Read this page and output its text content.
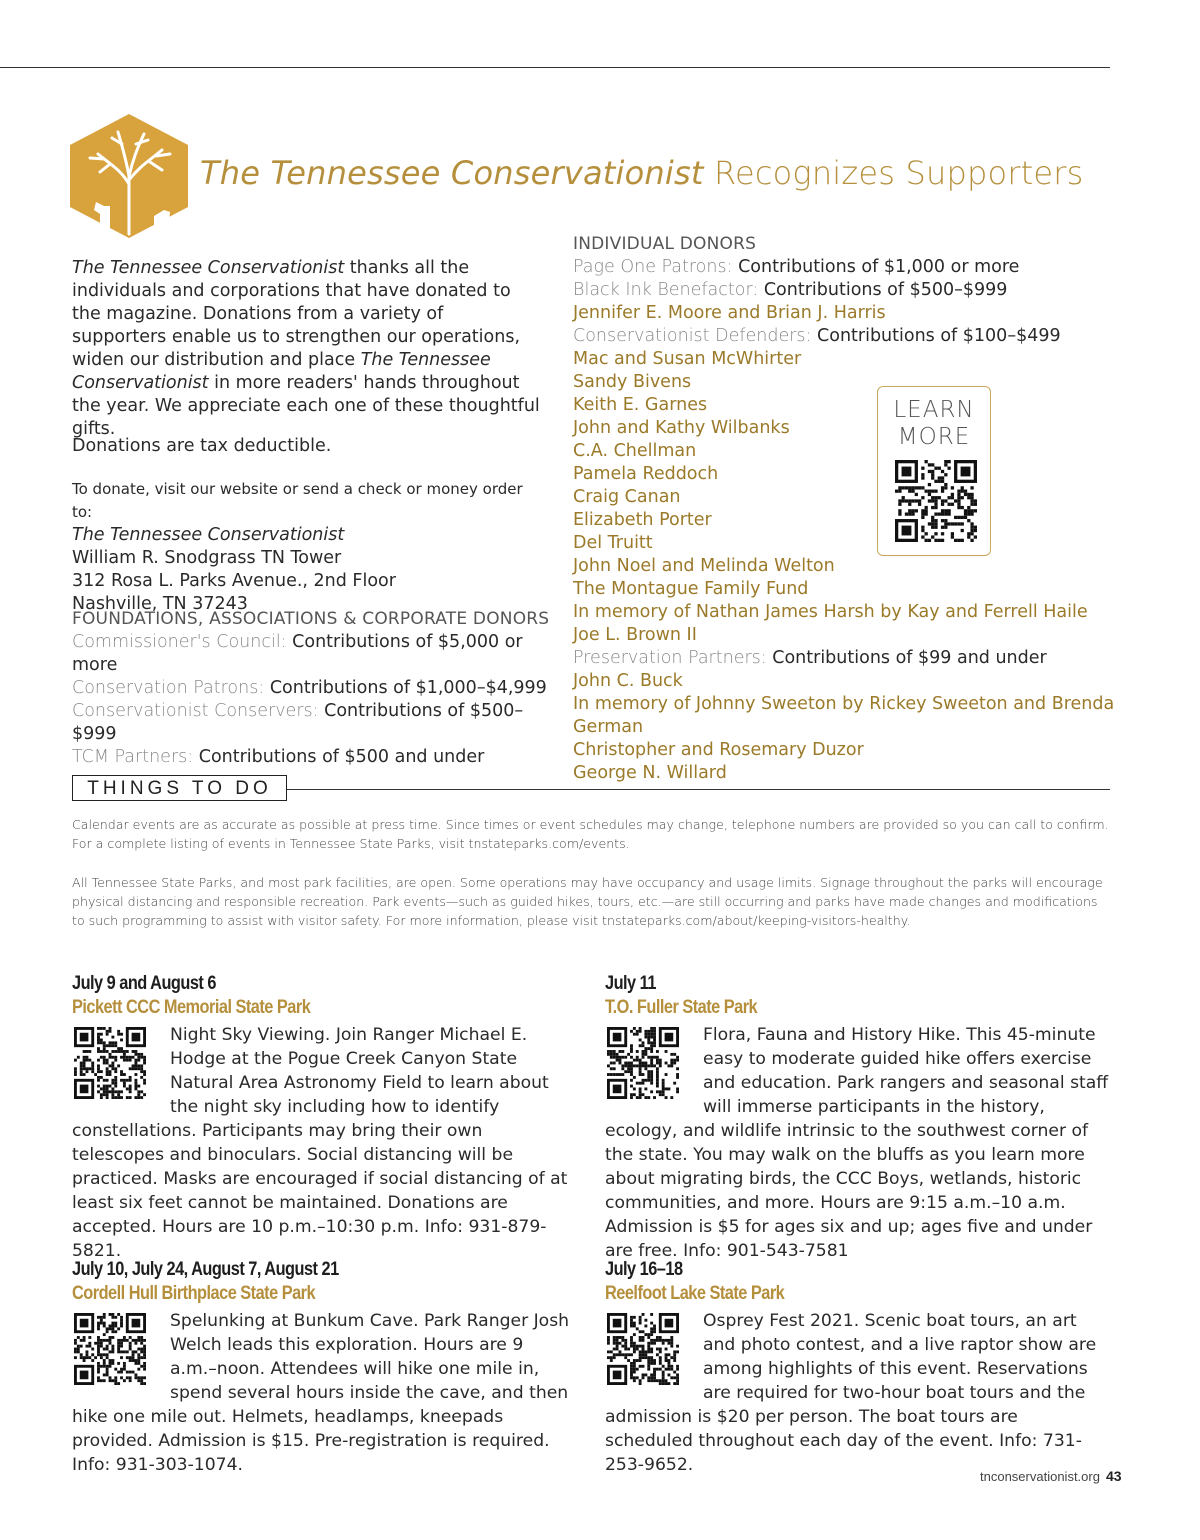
The Tennessee Conservationist Recognizes Supporters

The Tennessee Conservationist thanks all the individuals and corporations that have donated to the magazine. Donations from a variety of supporters enable us to strengthen our operations, widen our distribution and place The Tennessee Conservationist in more readers' hands throughout the year. We appreciate each one of these thoughtful gifts.

Donations are tax deductible.

To donate, visit our website or send a check or money order to:

The Tennessee Conservationist

William R. Snodgrass TN Tower

312 Rosa L. Parks Avenue., 2nd Floor

Nashville, TN 37243

FOUNDATIONS, ASSOCIATIONS & CORPORATE DONORS

Commissioner's Council: Contributions of $5,000 or more

Conservation Patrons: Contributions of $1,000–$4,999

Conservationist Conservers: Contributions of $500–$999

TCM Partners: Contributions of $500 and under

INDIVIDUAL DONORS

Page One Patrons: Contributions of $1,000 or more

Black Ink Benefactor: Contributions of $500–$999

Jennifer E. Moore and Brian J. Harris

Conservationist Defenders: Contributions of $100–$499

Mac and Susan McWhirter

Sandy Bivens

Keith E. Garnes

John and Kathy Wilbanks

C.A. Chellman

Pamela Reddoch

Craig Canan

Elizabeth Porter

Del Truitt

John Noel and Melinda Welton

The Montague Family Fund

In memory of Nathan James Harsh by Kay and Ferrell Haile

Joe L. Brown II

Preservation Partners: Contributions of $99 and under

John C. Buck

In memory of Johnny Sweeton by Rickey Sweeton and Brenda German

Christopher and Rosemary Duzor

George N. Willard

LEARN
MORE
THINGS TO DO
Calendar events are as accurate as possible at press time. Since times or event schedules may change, telephone numbers are provided so you can call to confirm.
For a complete listing of events in Tennessee State Parks, visit tnstateparks.com/events.
All Tennessee State Parks, and most park facilities, are open. Some operations may have occupancy and usage limits. Signage throughout the parks will encourage physical distancing and responsible recreation. Park events—such as guided hikes, tours, etc.—are still occurring and parks have made changes and modifications to such programming to assist with visitor safety. For more information, please visit tnstateparks.com/about/keeping-visitors-healthy.
July 9 and August 6
Pickett CCC Memorial State Park
Night Sky Viewing. Join Ranger Michael E. Hodge at the Pogue Creek Canyon State Natural Area Astronomy Field to learn about the night sky including how to identify constellations. Participants may bring their own telescopes and binoculars. Social distancing will be practiced. Masks are encouraged if social distancing of at least six feet cannot be maintained. Donations are accepted. Hours are 10 p.m.–10:30 p.m. Info: 931-879-5821.
July 11
T.O. Fuller State Park
Flora, Fauna and History Hike. This 45-minute easy to moderate guided hike offers exercise and education. Park rangers and seasonal staff will immerse participants in the history, ecology, and wildlife intrinsic to the southwest corner of the state. You may walk on the bluffs as you learn more about migrating birds, the CCC Boys, wetlands, historic communities, and more. Hours are 9:15 a.m.–10 a.m. Admission is $5 for ages six and up; ages five and under are free. Info: 901-543-7581
July 10, July 24, August 7, August 21
Cordell Hull Birthplace State Park
Spelunking at Bunkum Cave. Park Ranger Josh Welch leads this exploration. Hours are 9 a.m.–noon. Attendees will hike one mile in, spend several hours inside the cave, and then hike one mile out. Helmets, headlamps, kneepads provided. Admission is $15. Pre-registration is required. Info: 931-303-1074.
July 16–18
Reelfoot Lake State Park
Osprey Fest 2021. Scenic boat tours, an art and photo contest, and a live raptor show are among highlights of this event. Reservations are required for two-hour boat tours and the admission is $20 per person. The boat tours are scheduled throughout each day of the event. Info: 731-253-9652.
tnconservationist.org 43
